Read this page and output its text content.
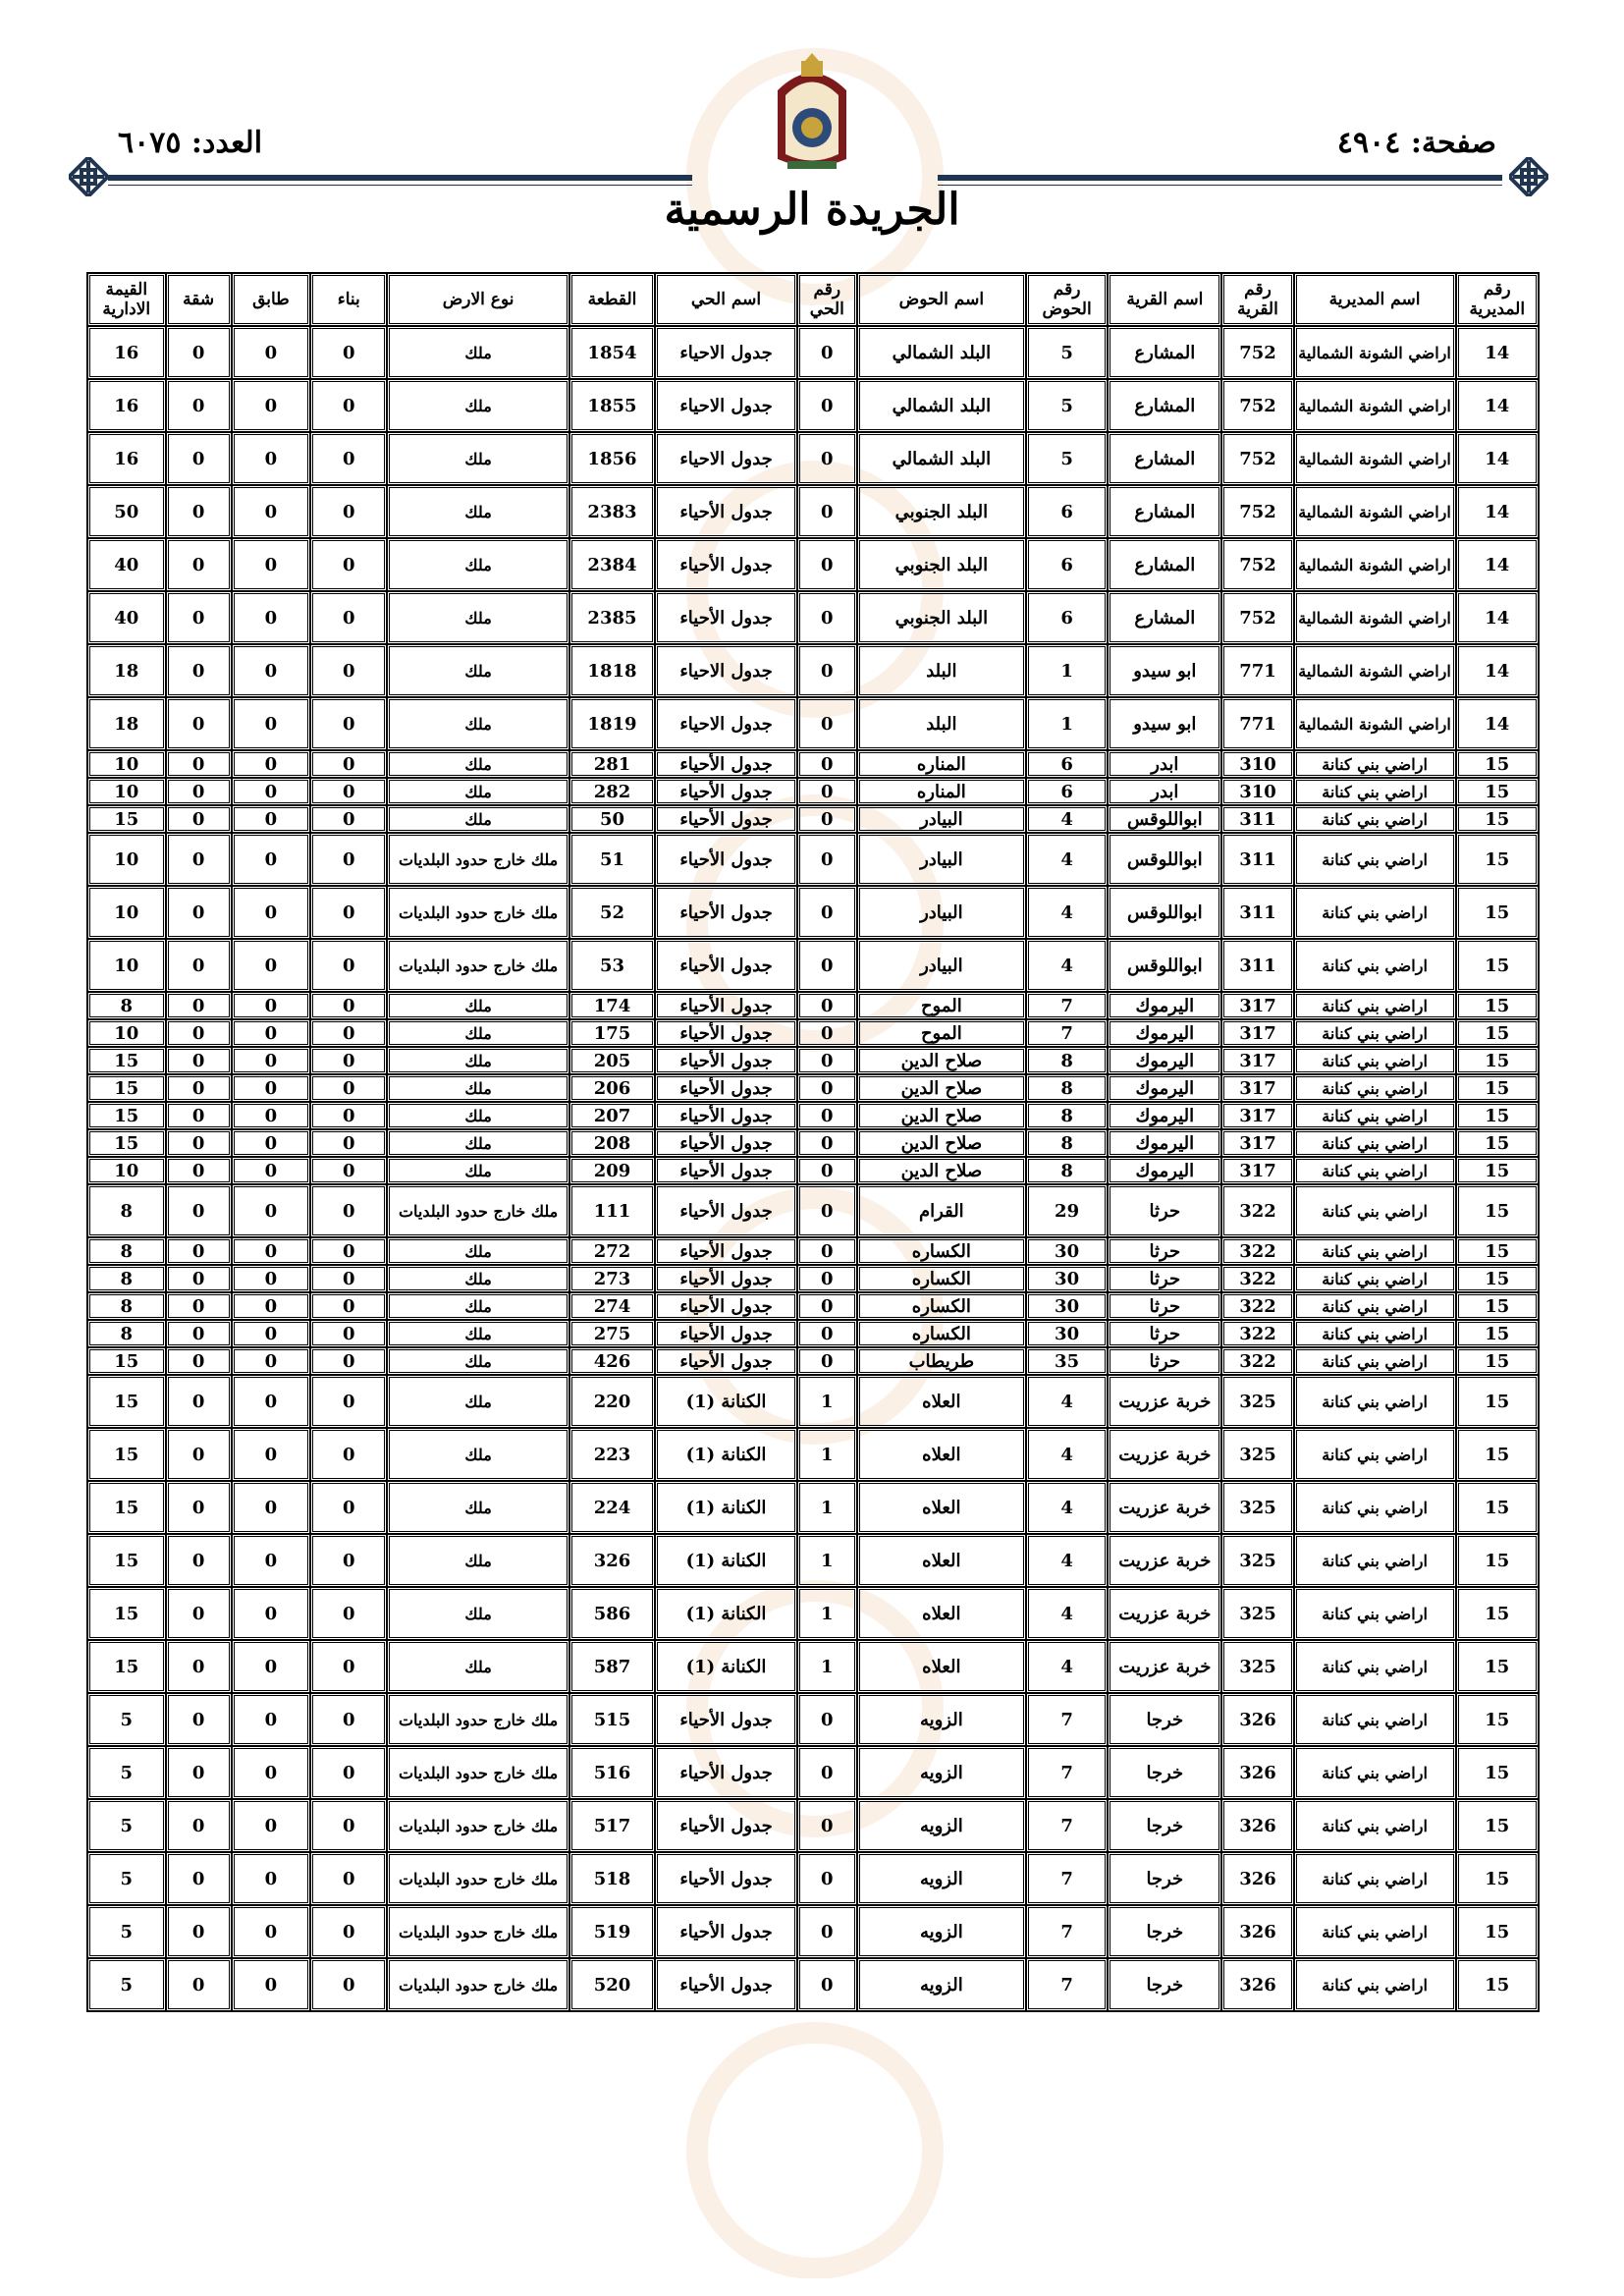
صفحة: ٤٩٠٤
العدد: ٦٠٧٥
الجريدة الرسمية
رقم المديرية	اسم المديرية	رقم القرية	اسم القرية	رقم الحوض	اسم الحوض	رقم الحي	اسم الحي	القطعة	نوع الارض	بناء	طابق	شقة	القيمة الادارية
14	اراضي الشونة الشمالية	752	المشارع	5	البلد الشمالي	0	جدول الاحياء	1854	ملك	0	0	0	16
14	اراضي الشونة الشمالية	752	المشارع	5	البلد الشمالي	0	جدول الاحياء	1855	ملك	0	0	0	16
14	اراضي الشونة الشمالية	752	المشارع	5	البلد الشمالي	0	جدول الاحياء	1856	ملك	0	0	0	16
14	اراضي الشونة الشمالية	752	المشارع	6	البلد الجنوبي	0	جدول الأحياء	2383	ملك	0	0	0	50
14	اراضي الشونة الشمالية	752	المشارع	6	البلد الجنوبي	0	جدول الأحياء	2384	ملك	0	0	0	40
14	اراضي الشونة الشمالية	752	المشارع	6	البلد الجنوبي	0	جدول الأحياء	2385	ملك	0	0	0	40
14	اراضي الشونة الشمالية	771	ابو سيدو	1	البلد	0	جدول الاحياء	1818	ملك	0	0	0	18
14	اراضي الشونة الشمالية	771	ابو سيدو	1	البلد	0	جدول الاحياء	1819	ملك	0	0	0	18
15	اراضي بني كنانة	310	ابدر	6	المناره	0	جدول الأحياء	281	ملك	0	0	0	10
15	اراضي بني كنانة	310	ابدر	6	المناره	0	جدول الأحياء	282	ملك	0	0	0	10
15	اراضي بني كنانة	311	ابواللوقس	4	البيادر	0	جدول الأحياء	50	ملك	0	0	0	15
15	اراضي بني كنانة	311	ابواللوقس	4	البيادر	0	جدول الأحياء	51	ملك خارج حدود البلديات	0	0	0	10
15	اراضي بني كنانة	311	ابواللوقس	4	البيادر	0	جدول الأحياء	52	ملك خارج حدود البلديات	0	0	0	10
15	اراضي بني كنانة	311	ابواللوقس	4	البيادر	0	جدول الأحياء	53	ملك خارج حدود البلديات	0	0	0	10
15	اراضي بني كنانة	317	اليرموك	7	الموح	0	جدول الأحياء	174	ملك	0	0	0	8
15	اراضي بني كنانة	317	اليرموك	7	الموح	0	جدول الأحياء	175	ملك	0	0	0	10
15	اراضي بني كنانة	317	اليرموك	8	صلاح الدين	0	جدول الأحياء	205	ملك	0	0	0	15
15	اراضي بني كنانة	317	اليرموك	8	صلاح الدين	0	جدول الأحياء	206	ملك	0	0	0	15
15	اراضي بني كنانة	317	اليرموك	8	صلاح الدين	0	جدول الأحياء	207	ملك	0	0	0	15
15	اراضي بني كنانة	317	اليرموك	8	صلاح الدين	0	جدول الأحياء	208	ملك	0	0	0	15
15	اراضي بني كنانة	317	اليرموك	8	صلاح الدين	0	جدول الأحياء	209	ملك	0	0	0	10
15	اراضي بني كنانة	322	حرثا	29	القرام	0	جدول الأحياء	111	ملك خارج حدود البلديات	0	0	0	8
15	اراضي بني كنانة	322	حرثا	30	الكساره	0	جدول الأحياء	272	ملك	0	0	0	8
15	اراضي بني كنانة	322	حرثا	30	الكساره	0	جدول الأحياء	273	ملك	0	0	0	8
15	اراضي بني كنانة	322	حرثا	30	الكساره	0	جدول الأحياء	274	ملك	0	0	0	8
15	اراضي بني كنانة	322	حرثا	30	الكساره	0	جدول الأحياء	275	ملك	0	0	0	8
15	اراضي بني كنانة	322	حرثا	35	طريطاب	0	جدول الأحياء	426	ملك	0	0	0	15
15	اراضي بني كنانة	325	خربة عزريت	4	العلاه	1	الكنانة (1)	220	ملك	0	0	0	15
15	اراضي بني كنانة	325	خربة عزريت	4	العلاه	1	الكنانة (1)	223	ملك	0	0	0	15
15	اراضي بني كنانة	325	خربة عزريت	4	العلاه	1	الكنانة (1)	224	ملك	0	0	0	15
15	اراضي بني كنانة	325	خربة عزريت	4	العلاه	1	الكنانة (1)	326	ملك	0	0	0	15
15	اراضي بني كنانة	325	خربة عزريت	4	العلاه	1	الكنانة (1)	586	ملك	0	0	0	15
15	اراضي بني كنانة	325	خربة عزريت	4	العلاه	1	الكنانة (1)	587	ملك	0	0	0	15
15	اراضي بني كنانة	326	خرجا	7	الزويه	0	جدول الأحياء	515	ملك خارج حدود البلديات	0	0	0	5
15	اراضي بني كنانة	326	خرجا	7	الزويه	0	جدول الأحياء	516	ملك خارج حدود البلديات	0	0	0	5
15	اراضي بني كنانة	326	خرجا	7	الزويه	0	جدول الأحياء	517	ملك خارج حدود البلديات	0	0	0	5
15	اراضي بني كنانة	326	خرجا	7	الزويه	0	جدول الأحياء	518	ملك خارج حدود البلديات	0	0	0	5
15	اراضي بني كنانة	326	خرجا	7	الزويه	0	جدول الأحياء	519	ملك خارج حدود البلديات	0	0	0	5
15	اراضي بني كنانة	326	خرجا	7	الزويه	0	جدول الأحياء	520	ملك خارج حدود البلديات	0	0	0	5
